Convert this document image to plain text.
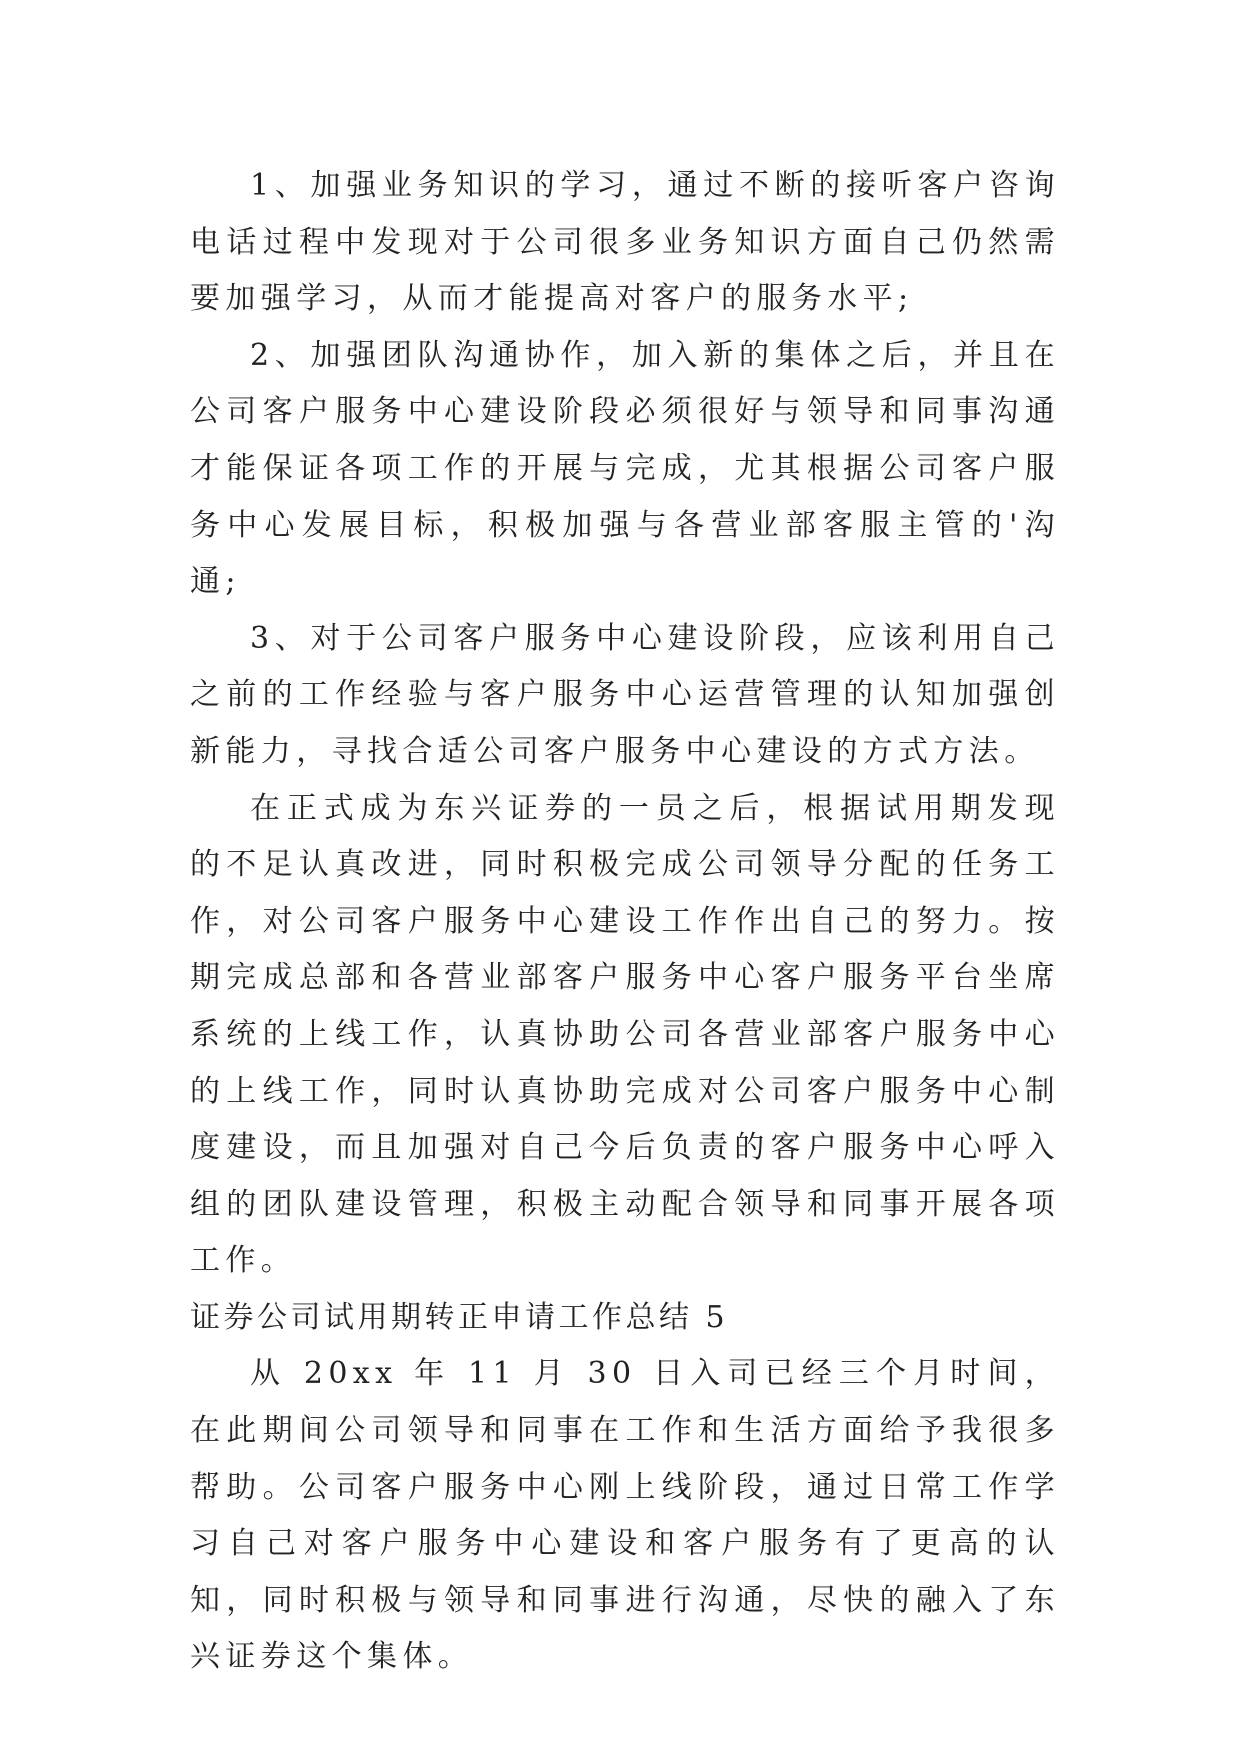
1、加强业务知识的学习，通过不断的接听客户咨询电话过程中发现对于公司很多业务知识方面自己仍然需要加强学习，从而才能提高对客户的服务水平;

2、加强团队沟通协作，加入新的集体之后，并且在公司客户服务中心建设阶段必须很好与领导和同事沟通才能保证各项工作的开展与完成，尤其根据公司客户服务中心发展目标，积极加强与各营业部客服主管的'沟通;

3、对于公司客户服务中心建设阶段，应该利用自己之前的工作经验与客户服务中心运营管理的认知加强创新能力，寻找合适公司客户服务中心建设的方式方法。

在正式成为东兴证券的一员之后，根据试用期发现的不足认真改进，同时积极完成公司领导分配的任务工作，对公司客户服务中心建设工作作出自己的努力。按期完成总部和各营业部客户服务中心客户服务平台坐席系统的上线工作，认真协助公司各营业部客户服务中心的上线工作，同时认真协助完成对公司客户服务中心制度建设，而且加强对自己今后负责的客户服务中心呼入组的团队建设管理，积极主动配合领导和同事开展各项工作。

证券公司试用期转正申请工作总结 5

从 20xx 年 11 月 30 日入司已经三个月时间，在此期间公司领导和同事在工作和生活方面给予我很多帮助。公司客户服务中心刚上线阶段，通过日常工作学习自己对客户服务中心建设和客户服务有了更高的认知，同时积极与领导和同事进行沟通，尽快的融入了东兴证券这个集体。
